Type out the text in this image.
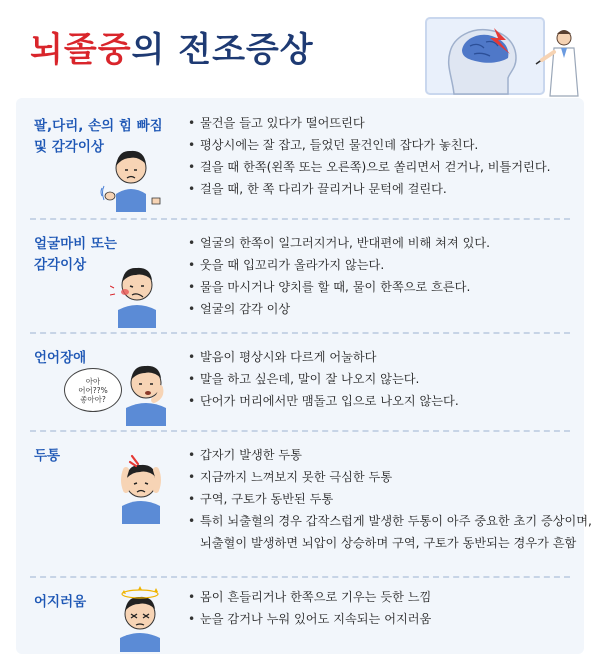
뇌졸중의 전조증상
팔,다리, 손의 힘 빠짐
및 감각이상
• 물건을 들고 있다가 떨어뜨린다
• 평상시에는 잘 잡고, 들었던 물건인데 잡다가 놓친다.
• 걸을 때 한쪽(왼쪽 또는 오른쪽)으로 쏠리면서 걷거나, 비틀거린다.
• 걸을 때, 한 쪽 다리가 끌리거나 문턱에 걸린다.
얼굴마비 또는
감각이상
• 얼굴의 한쪽이 일그러지거나, 반대편에 비해 쳐져 있다.
• 웃을 때 입꼬리가 올라가지 않는다.
• 물을 마시거나 양치를 할 때, 물이 한쪽으로 흐른다.
• 얼굴의 감각 이상
언어장애
아아
어어??%
좋아아?
• 발음이 평상시와 다르게 어눌하다
• 말을 하고 싶은데, 말이 잘 나오지 않는다.
• 단어가 머리에서만 맴돌고 입으로 나오지 않는다.
두통	• 갑자기 발생한 두통
• 지금까지 느껴보지 못한 극심한 두통
• 구역, 구토가 동반된 두통
• 특히 뇌출혈의 경우 갑작스럽게 발생한 두통이 아주 중요한 초기 증상이며,
뇌출혈이 발생하면 뇌압이 상승하며 구역, 구토가 동반되는 경우가 흔함
어지러움	• 몸이 흔들리거나 한쪽으로 기우는 듯한 느낌
• 눈을 감거나 누워 있어도 지속되는 어지러움
